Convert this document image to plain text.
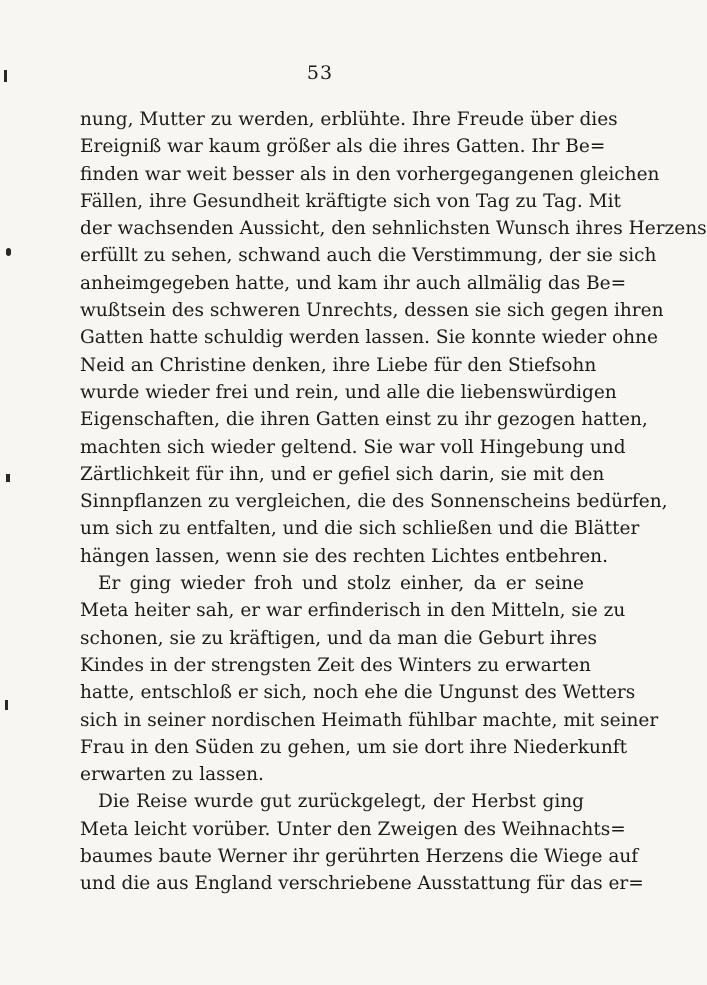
53
nung, Mutter zu werden, erblühte. Ihre Freude über dies
Ereigniß war kaum größer als die ihres Gatten. Ihr Be=
finden war weit besser als in den vorhergegangenen gleichen
Fällen, ihre Gesundheit kräftigte sich von Tag zu Tag. Mit
der wachsenden Aussicht, den sehnlichsten Wunsch ihres Herzens
erfüllt zu sehen, schwand auch die Verstimmung, der sie sich
anheimgegeben hatte, und kam ihr auch allmälig das Be=
wußtsein des schweren Unrechts, dessen sie sich gegen ihren
Gatten hatte schuldig werden lassen. Sie konnte wieder ohne
Neid an Christine denken, ihre Liebe für den Stiefsohn
wurde wieder frei und rein, und alle die liebenswürdigen
Eigenschaften, die ihren Gatten einst zu ihr gezogen hatten,
machten sich wieder geltend. Sie war voll Hingebung und
Zärtlichkeit für ihn, und er gefiel sich darin, sie mit den
Sinnpflanzen zu vergleichen, die des Sonnenscheins bedürfen,
um sich zu entfalten, und die sich schließen und die Blätter
hängen lassen, wenn sie des rechten Lichtes entbehren.
Er ging wieder froh und stolz einher, da er seine
Meta heiter sah, er war erfinderisch in den Mitteln, sie zu
schonen, sie zu kräftigen, und da man die Geburt ihres
Kindes in der strengsten Zeit des Winters zu erwarten
hatte, entschloß er sich, noch ehe die Ungunst des Wetters
sich in seiner nordischen Heimath fühlbar machte, mit seiner
Frau in den Süden zu gehen, um sie dort ihre Niederkunft
erwarten zu lassen.
Die Reise wurde gut zurückgelegt, der Herbst ging
Meta leicht vorüber. Unter den Zweigen des Weihnachts=
baumes baute Werner ihr gerührten Herzens die Wiege auf
und die aus England verschriebene Ausstattung für das er=
